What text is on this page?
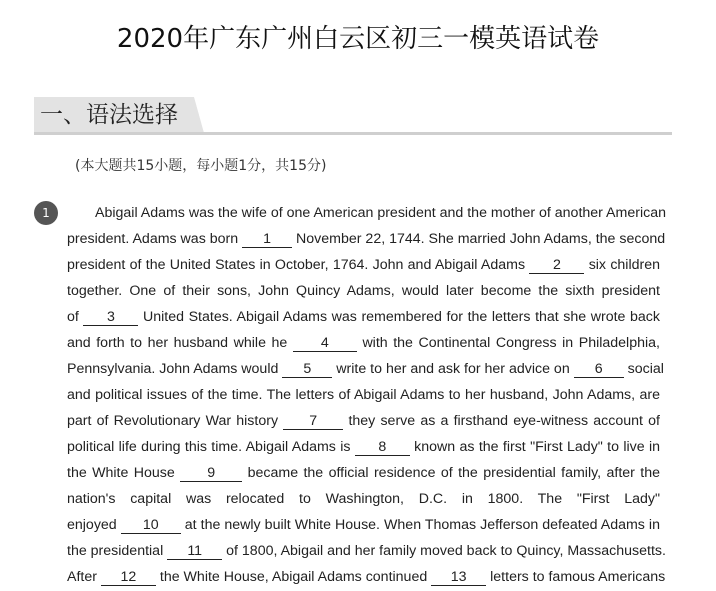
2020年广东广州白云区初三一模英语试卷
一、语法选择
(本大题共15小题，每小题1分，共15分)
1	Abigail Adams was the wife of one American president and the mother of another American
president. Adams was born 1 November 22, 1744. She married John Adams, the second
president of the United States in October, 1764. John and Abigail Adams 2 six children
together. One of their sons, John Quincy Adams, would later become the sixth president
of 3 United States. Abigail Adams was remembered for the letters that she wrote back
and forth to her husband while he 4 with the Continental Congress in Philadelphia,
Pennsylvania. John Adams would 5 write to her and ask for her advice on 6 social
and political issues of the time. The letters of Abigail Adams to her husband, John Adams, are
part of Revolutionary War history 7 they serve as a firsthand eye-witness account of
political life during this time. Abigail Adams is 8 known as the first "First Lady" to live in
the White House 9 became the official residence of the presidential family, after the
nation's capital was relocated to Washington, D.C. in 1800. The "First Lady"
enjoyed 10 at the newly built White House. When Thomas Jefferson defeated Adams in
the presidential 11 of 1800, Abigail and her family moved back to Quincy, Massachusetts.
After 12 the White House, Abigail Adams continued 13 letters to famous Americans
